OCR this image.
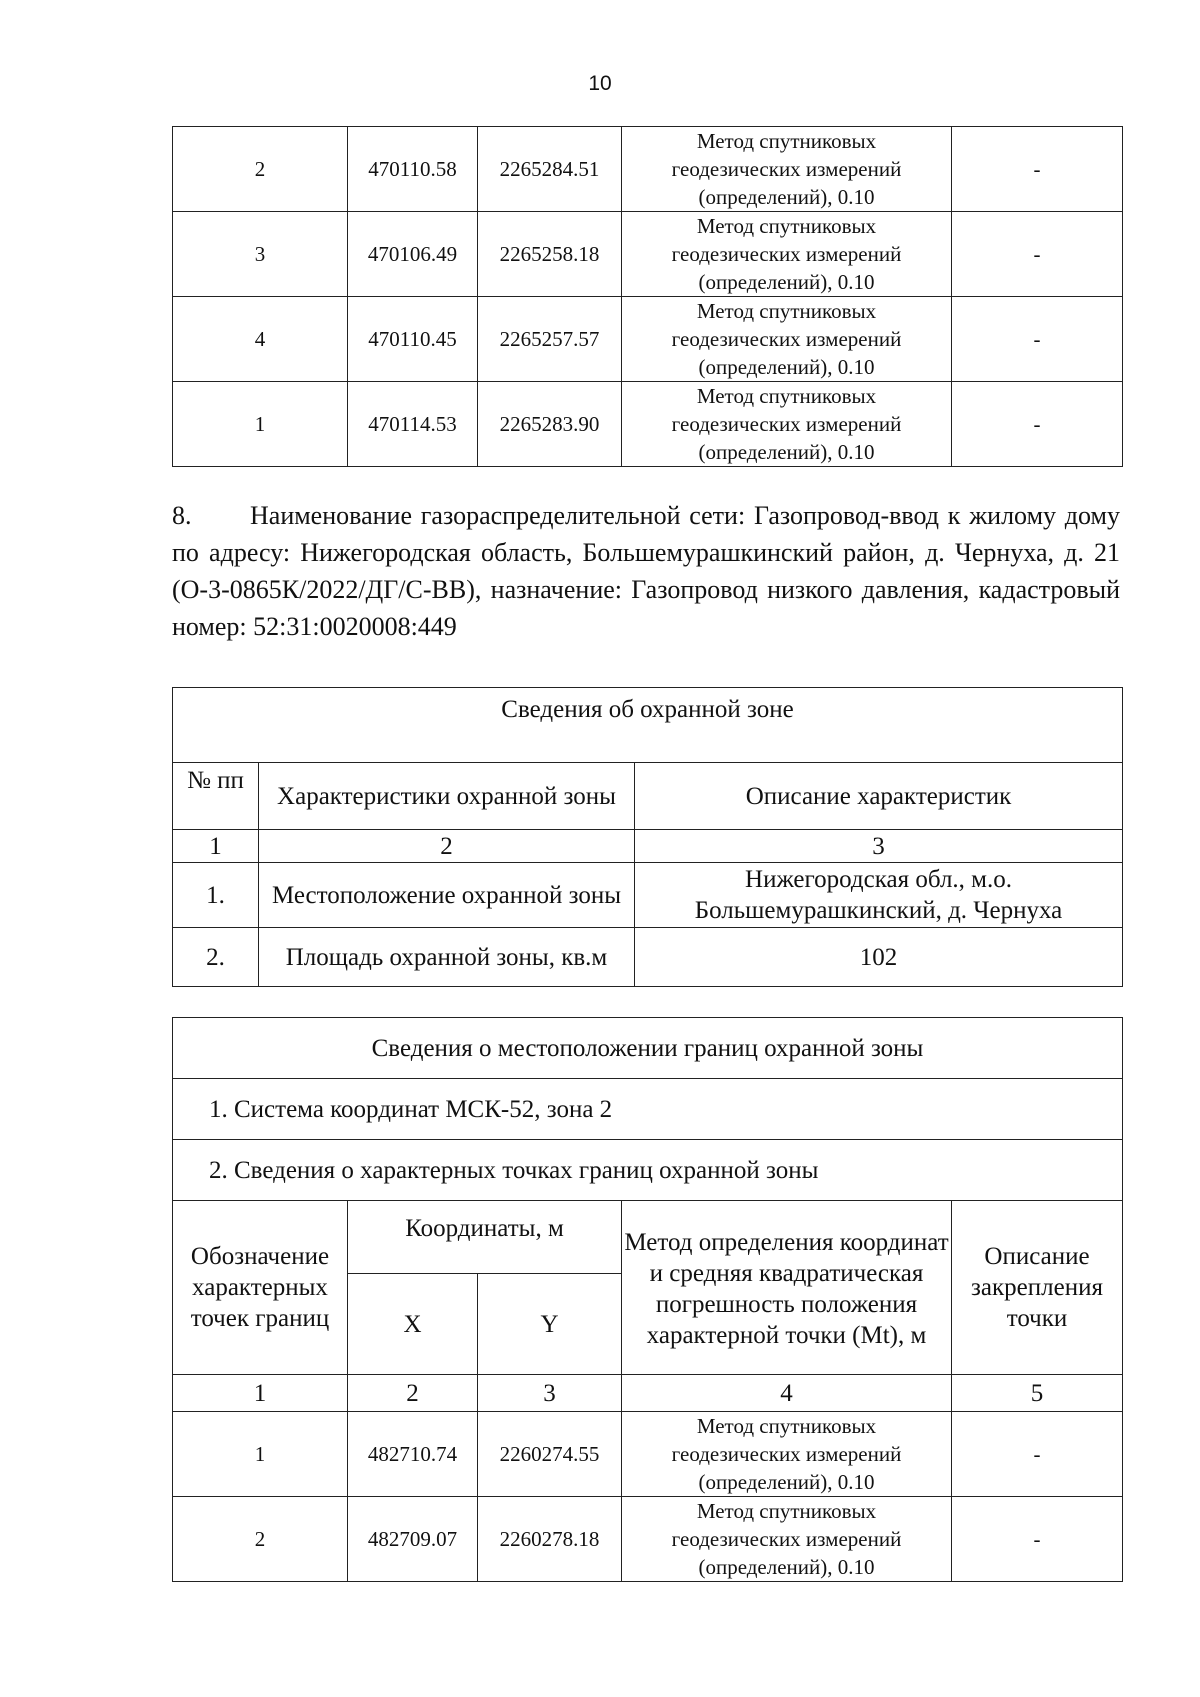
10
2	470110.58	2265284.51	Метод спутниковых
геодезических измерений
(определений), 0.10	-
3	470106.49	2265258.18	Метод спутниковых
геодезических измерений
(определений), 0.10	-
4	470110.45	2265257.57	Метод спутниковых
геодезических измерений
(определений), 0.10	-
1	470114.53	2265283.90	Метод спутниковых
геодезических измерений
(определений), 0.10	-
8. Наименование газораспределительной сети: Газопровод-ввод к жилому дому по адресу: Нижегородская область, Большемурашкинский район, д. Чернуха, д. 21 (О-3-0865К/2022/ДГ/С-ВВ), назначение: Газопровод низкого давления, кадастровый номер: 52:31:0020008:449
Сведения об охранной зоне		
№ пп	Характеристики охранной зоны	Описание характеристик
1	2	3
1.	Местоположение охранной зоны	Нижегородская обл., м.о. Большемурашкинский, д. Чернуха
2.	Площадь охранной зоны, кв.м	102
Сведения о местоположении границ охранной зоны				
1. Система координат МСК-52, зона 2				
2. Сведения о характерных точках границ охранной зоны				
Обозначение характерных точек границ	Координаты, м		Метод определения координат и средняя квадратическая погрешность положения характерной точки (Mt), м	Описание закрепления точки
	X	Y		
1	2	3	4	5
1	482710.74	2260274.55	Метод спутниковых
геодезических измерений
(определений), 0.10	-
2	482709.07	2260278.18	Метод спутниковых
геодезических измерений
(определений), 0.10	-
